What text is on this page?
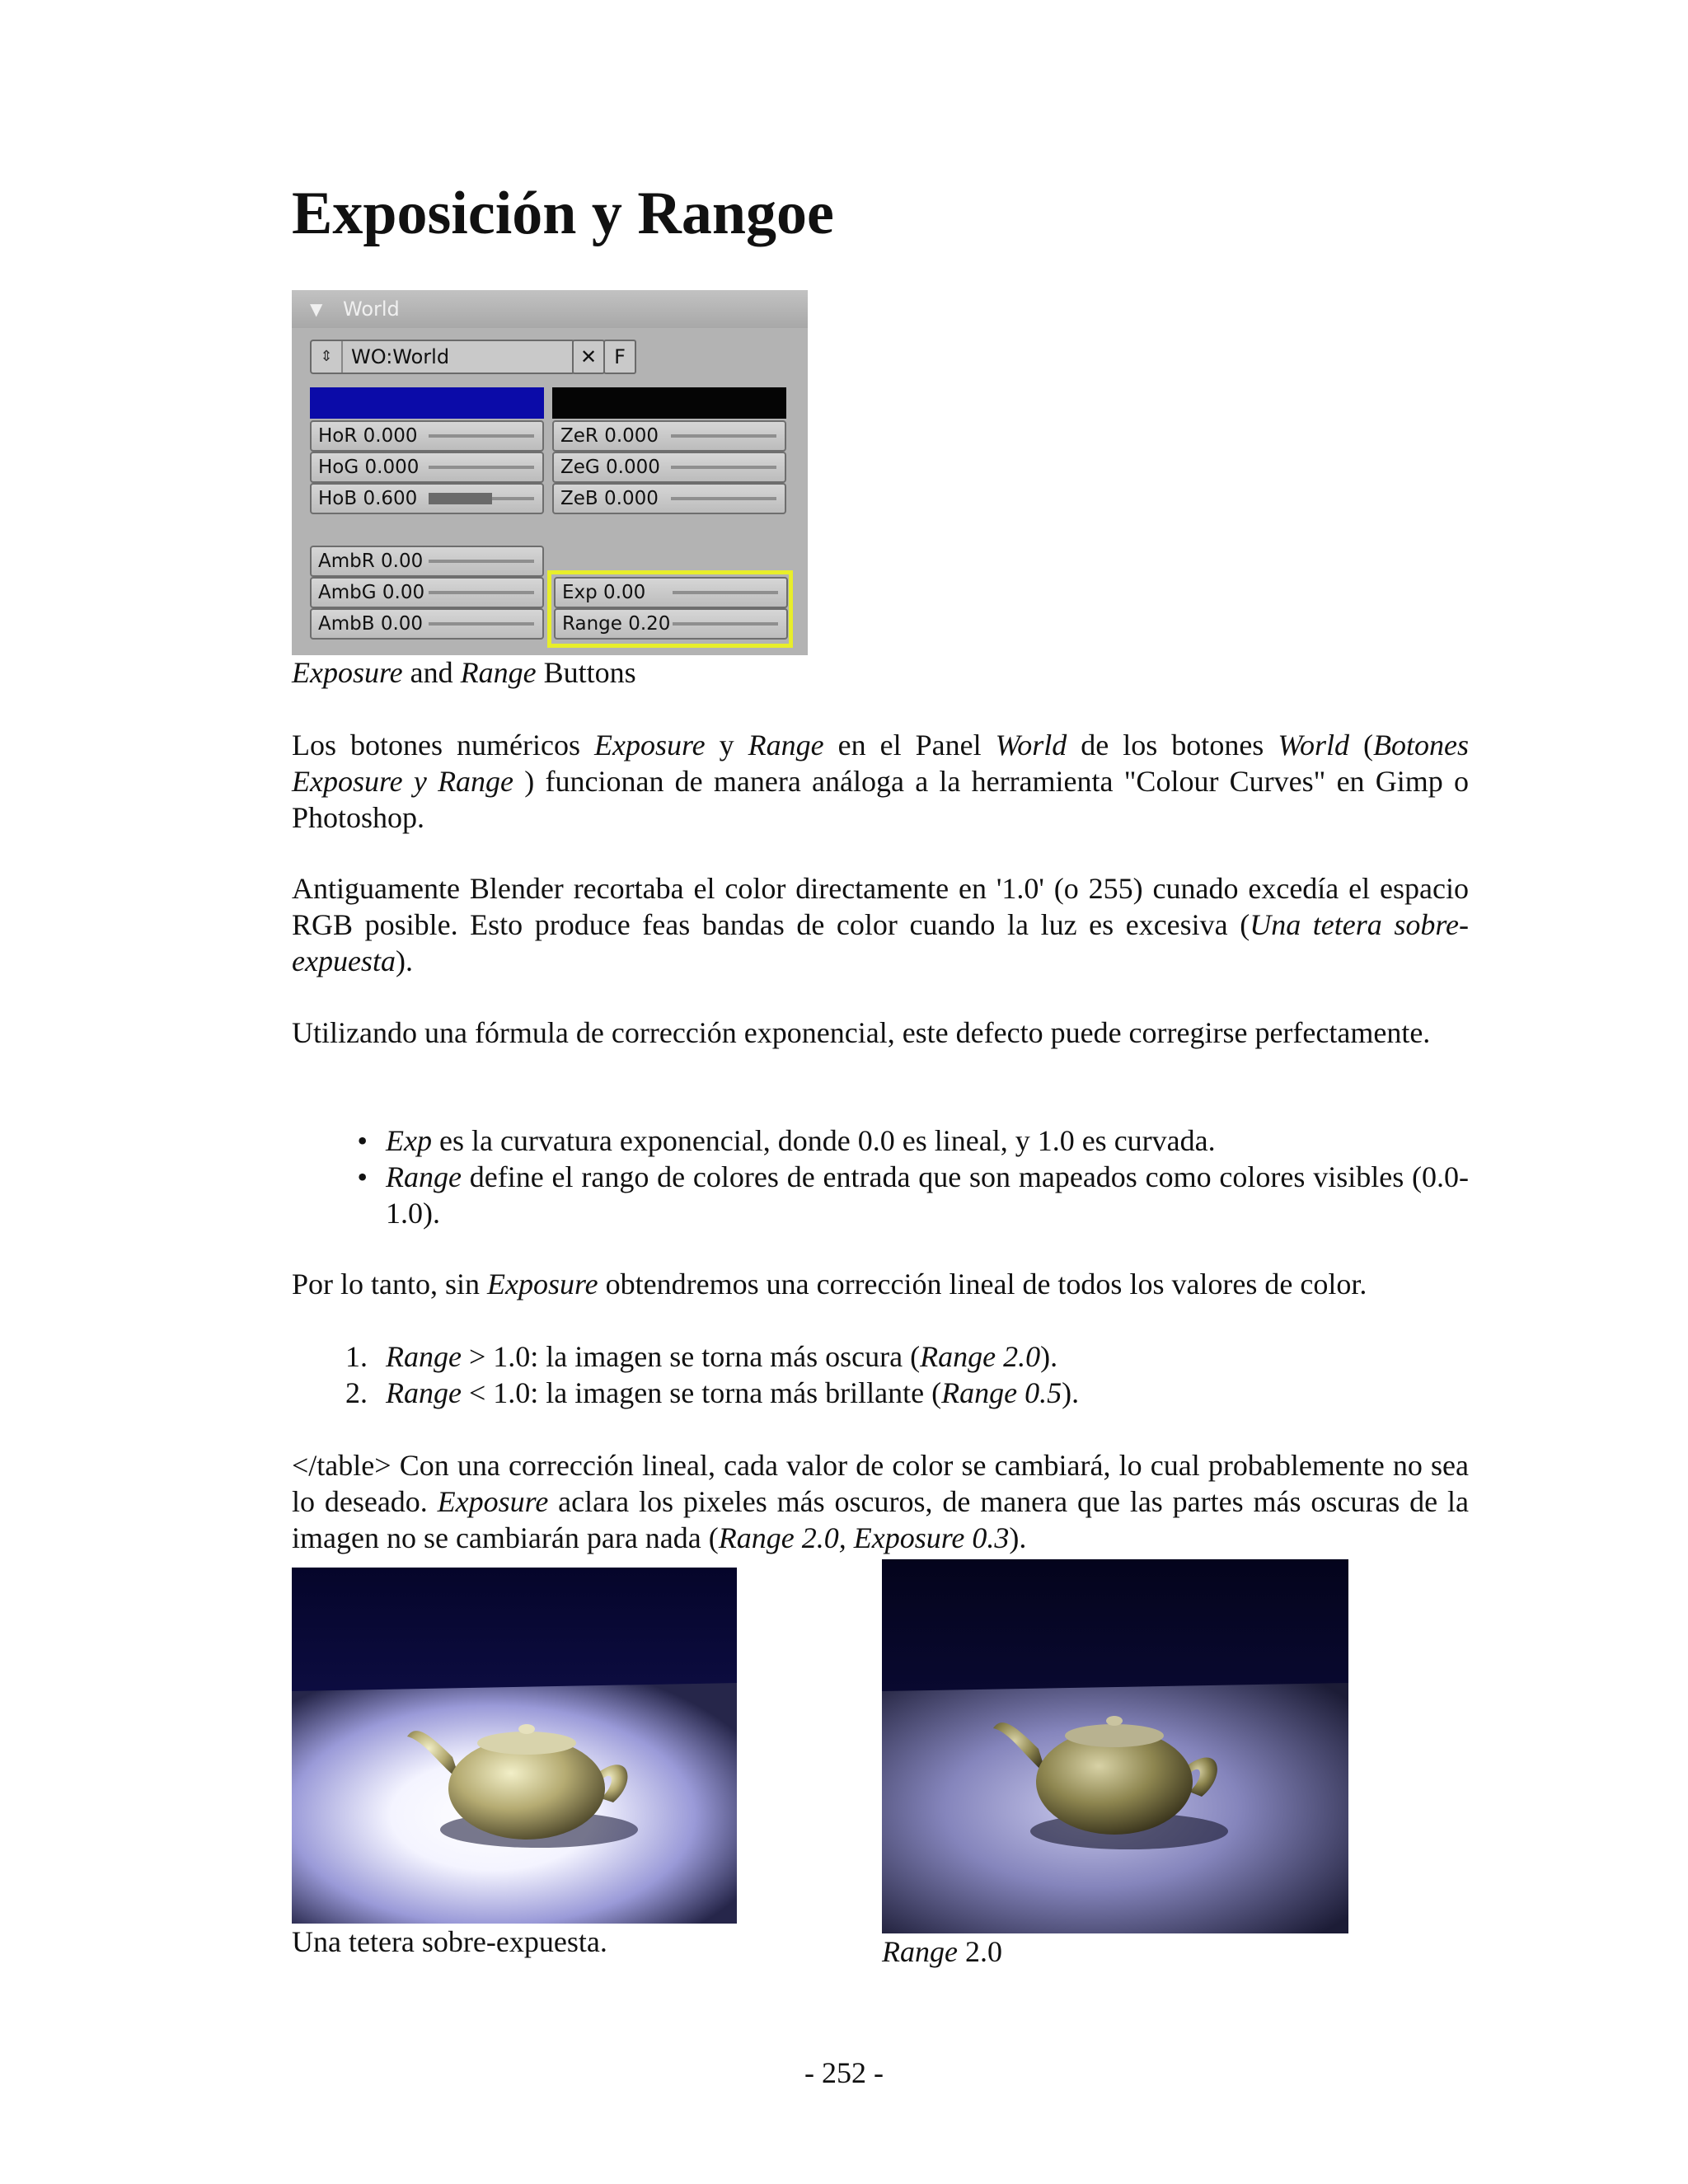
Exposición y Rangoe
▼ World
⇕ WO:World	✕ F
HoR 0.000
HoG 0.000
HoB 0.600
ZeR 0.000
ZeG 0.000
ZeB 0.000
AmbR 0.00
AmbG 0.00
AmbB 0.00
Exp 0.00
Range 0.20
Exposure and Range Buttons

Los botones numéricos Exposure y Range en el Panel World de los botones World (Botones Exposure y Range ) funcionan de manera análoga a la herramienta "Colour Curves" en Gimp o Photoshop.

Antiguamente Blender recortaba el color directamente en '1.0' (o 255) cunado excedía el espacio RGB posible. Esto produce feas bandas de color cuando la luz es excesiva (Una tetera sobre-expuesta).

Utilizando una fórmula de corrección exponencial, este defecto puede corregirse perfectamente.

• Exp es la curvatura exponencial, donde 0.0 es lineal, y 1.0 es curvada.
• Range define el rango de colores de entrada que son mapeados como colores visibles (0.0-1.0).

Por lo tanto, sin Exposure obtendremos una corrección lineal de todos los valores de color.

1. Range > 1.0: la imagen se torna más oscura (Range 2.0).
2. Range < 1.0: la imagen se torna más brillante (Range 0.5).

</table> Con una corrección lineal, cada valor de color se cambiará, lo cual probablemente no sea lo deseado. Exposure aclara los pixeles más oscuros, de manera que las partes más oscuras de la imagen no se cambiarán para nada (Range 2.0, Exposure 0.3).

Una tetera sobre-expuesta.	Range 2.0
- 252 -
